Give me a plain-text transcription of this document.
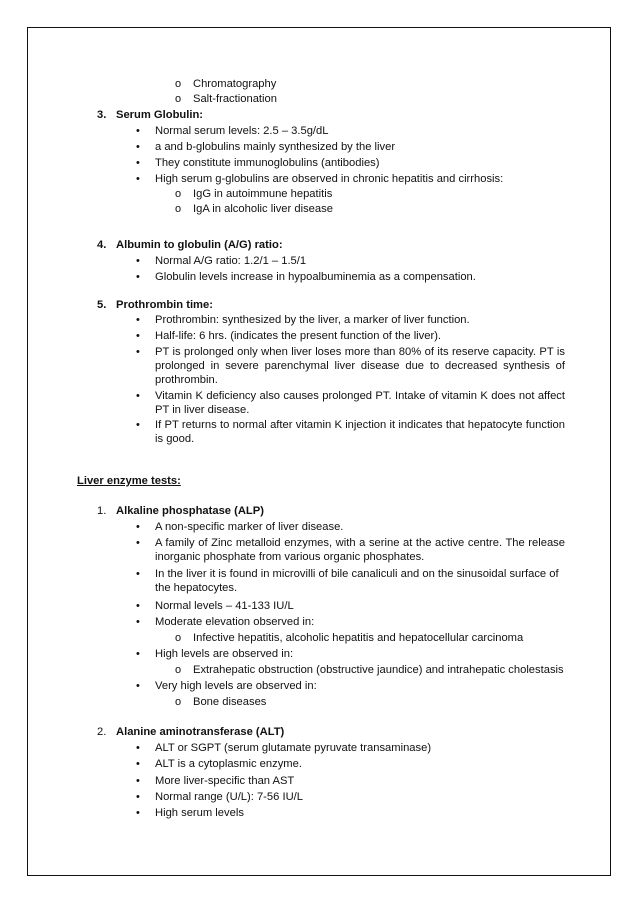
o Chromatography
o Salt-fractionation
3. Serum Globulin:
• Normal serum levels: 2.5 – 3.5g/dL
• a and b-globulins mainly synthesized by the liver
• They constitute immunoglobulins (antibodies)
• High serum g-globulins are observed in chronic hepatitis and cirrhosis:
o IgG in autoimmune hepatitis
o IgA in alcoholic liver disease
4. Albumin to globulin (A/G) ratio:
• Normal A/G ratio: 1.2/1 – 1.5/1
• Globulin levels increase in hypoalbuminemia as a compensation.
5. Prothrombin time:
• Prothrombin: synthesized by the liver, a marker of liver function.
• Half-life: 6 hrs. (indicates the present function of the liver).
• PT is prolonged only when liver loses more than 80% of its reserve capacity. PT is prolonged in severe parenchymal liver disease due to decreased synthesis of prothrombin.
• Vitamin K deficiency also causes prolonged PT. Intake of vitamin K does not affect PT in liver disease.
• If PT returns to normal after vitamin K injection it indicates that hepatocyte function is good.
Liver enzyme tests:
1. Alkaline phosphatase (ALP)
• A non-specific marker of liver disease.
• A family of Zinc metalloid enzymes, with a serine at the active centre. The release inorganic phosphate from various organic phosphates.
• In the liver it is found in microvilli of bile canaliculi and on the sinusoidal surface of the hepatocytes.
• Normal levels – 41-133 IU/L
• Moderate elevation observed in:
o Infective hepatitis, alcoholic hepatitis and hepatocellular carcinoma
• High levels are observed in:
o Extrahepatic obstruction (obstructive jaundice) and intrahepatic cholestasis
• Very high levels are observed in:
o Bone diseases
2. Alanine aminotransferase (ALT)
• ALT or SGPT (serum glutamate pyruvate transaminase)
• ALT is a cytoplasmic enzyme.
• More liver-specific than AST
• Normal range (U/L): 7-56 IU/L
• High serum levels
